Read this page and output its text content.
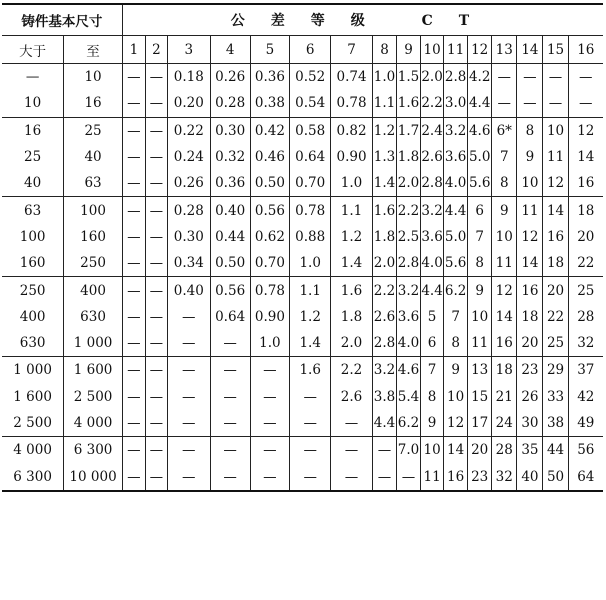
铸件基本尺寸		公差等级 CT															
大于	至	1	2	3	4	5	6	7	8	9	10	11	12	13	14	15	16
—	10	—	—	0.18	0.26	0.36	0.52	0.74	1.0	1.5	2.0	2.8	4.2	—	—	—	—
10	16	—	—	0.20	0.28	0.38	0.54	0.78	1.1	1.6	2.2	3.0	4.4	—	—	—	—
16	25	—	—	0.22	0.30	0.42	0.58	0.82	1.2	1.7	2.4	3.2	4.6	6*	8	10	12
25	40	—	—	0.24	0.32	0.46	0.64	0.90	1.3	1.8	2.6	3.6	5.0	7	9	11	14
40	63	—	—	0.26	0.36	0.50	0.70	1.0	1.4	2.0	2.8	4.0	5.6	8	10	12	16
63	100	—	—	0.28	0.40	0.56	0.78	1.1	1.6	2.2	3.2	4.4	6	9	11	14	18
100	160	—	—	0.30	0.44	0.62	0.88	1.2	1.8	2.5	3.6	5.0	7	10	12	16	20
160	250	—	—	0.34	0.50	0.70	1.0	1.4	2.0	2.8	4.0	5.6	8	11	14	18	22
250	400	—	—	0.40	0.56	0.78	1.1	1.6	2.2	3.2	4.4	6.2	9	12	16	20	25
400	630	—	—	—	0.64	0.90	1.2	1.8	2.6	3.6	5	7	10	14	18	22	28
630	1 000	—	—	—	—	1.0	1.4	2.0	2.8	4.0	6	8	11	16	20	25	32
1 000	1 600	—	—	—	—	—	1.6	2.2	3.2	4.6	7	9	13	18	23	29	37
1 600	2 500	—	—	—	—	—	—	2.6	3.8	5.4	8	10	15	21	26	33	42
2 500	4 000	—	—	—	—	—	—	—	4.4	6.2	9	12	17	24	30	38	49
4 000	6 300	—	—	—	—	—	—	—	—	7.0	10	14	20	28	35	44	56
6 300	10 000	—	—	—	—	—	—	—	—	—	11	16	23	32	40	50	64
